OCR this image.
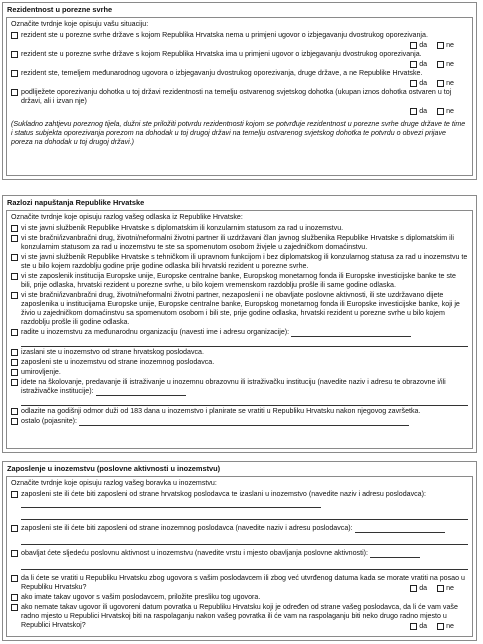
Rezidentnost u porezne svrhe
Označite tvrdnje koje opisuju vašu situaciju:
rezident ste u porezne svrhe države s kojom Republika Hrvatska nema u primjeni ugovor o izbjegavanju dvostrukog oporezivanja.
da	ne
rezident ste u porezne svrhe države s kojom Republika Hrvatska ima u primjeni ugovor o izbjegavanju dvostrukog oporezivanja.
da	ne
rezident ste, temeljem međunarodnog ugovora o izbjegavanju dvostrukog oporezivanja, druge države, a ne Republike Hrvatske.
da	ne
podliježete oporezivanju dohotka u toj državi rezidentnosti na temelju ostvarenog svjetskog dohotka (ukupan iznos dohotka ostvaren u toj državi, ali i izvan nje)
da	ne
(Sukladno zahtjevu poreznog tijela, dužni ste priložiti potvrdu rezidentnosti kojom se potvrđuje rezidentnost u porezne svrhe druge države te time i status subjekta oporezivanja porezom na dohodak u toj drugoj državi na temelju ostvarenog svjetskog dohotka te potvrdu o obvezi prijave poreza na dohodak u toj drugoj državi.)
Razlozi napuštanja Republike Hrvatske
Označite tvrdnje koje opisuju razlog vašeg odlaska iz Republike Hrvatske:
vi ste javni službenik Republike Hrvatske s diplomatskim ili konzularnim statusom za rad u inozemstvu.
vi ste bračni/izvanbračni drug, životni/neformalni životni partner ili uzdržavani član javnog službenika Republike Hrvatske s diplomatskim ili konzularnim statusom za rad u inozemstvu te ste sa spomenutom osobom živjele u zajedničkom domaćinstvu.
vi ste javni službenik Republike Hrvatske s tehničkom ili upravnom funkcijom i bez diplomatskog ili konzularnog statusa za rad u inozemstvu te ste u bilo kojem razdoblju godine prije godine odlaska bili hrvatski rezident u porezne svrhe.
vi ste zaposlenik institucija Europske unije, Europske centralne banke, Europskog monetarnog fonda ili Europske investicijske banke te ste bili, prije odlaska, hrvatski rezident u porezne svrhe, u bilo kojem vremenskom razdoblju prošle ili same godine odlaska.
vi ste bračni/izvanbračni drug, životni/neformalni životni partner, nezaposleni i ne obavljate poslovne aktivnosti, ili ste uzdržavano dijete zaposlenika u institucijama Europske unije, Europske centralne banke, Europskog monetarnog fonda ili Europske investicijske banke, koji je živio u zajedničkom domaćinstvu sa spomenutom osobom i bili ste, prije godine odlaska, hrvatski rezident u porezne svrhe u bilo kojem razdoblju prošle ili godine odlaska.
radite u inozemstvu za međunarodnu organizaciju (navesti ime i adresu organizacije):
izaslani ste u inozemstvo od strane hrvatskog poslodavca.
zaposleni ste u inozemstvu od strane inozemnog poslodavca.
umirovljenje.
idete na školovanje, predavanje ili istraživanje u inozemnu obrazovnu ili istraživačku instituciju (navedite naziv i adresu te obrazovne i/ili istraživačke institucije):
odlazite na godišnji odmor duži od 183 dana u inozemstvo i planirate se vratiti u Republiku Hrvatsku nakon njegovog završetka.
ostalo (pojasnite):
Zaposlenje u inozemstvu (poslovne aktivnosti u inozemstvu)
Označite tvrdnje koje opisuju razlog vašeg boravka u inozemstvu:
zaposleni ste ili ćete biti zaposleni od strane hrvatskog poslodavca te izaslani u inozemstvo (navedite naziv i adresu poslodavca):
zaposleni ste ili ćete biti zaposleni od strane inozemnog poslodavca (navedite naziv i adresu poslodavca):
obavljat ćete sljedeću poslovnu aktivnost u inozemstvu (navedite vrstu i mjesto obavljanja poslovne aktivnosti):
da li ćete se vratiti u Republiku Hrvatsku zbog ugovora s vašim poslodavcem ili zbog već utvrđenog datuma kada se morate vratiti na posao u Republiku Hrvatsku?	da	ne
ako imate takav ugovor s vašim poslodavcem, priložite presliku tog ugovora.
ako nemate takav ugovor ili ugovoreni datum povratka u Republiku Hrvatsku koji je određen od strane vašeg poslodavca, da li će vam vaše radno mjesto u Republici Hrvatskoj biti na raspolaganju nakon vašeg povratka ili će vam na raspolaganju biti neko drugo radno mjesto u Republici Hrvatskoj?	da	ne
